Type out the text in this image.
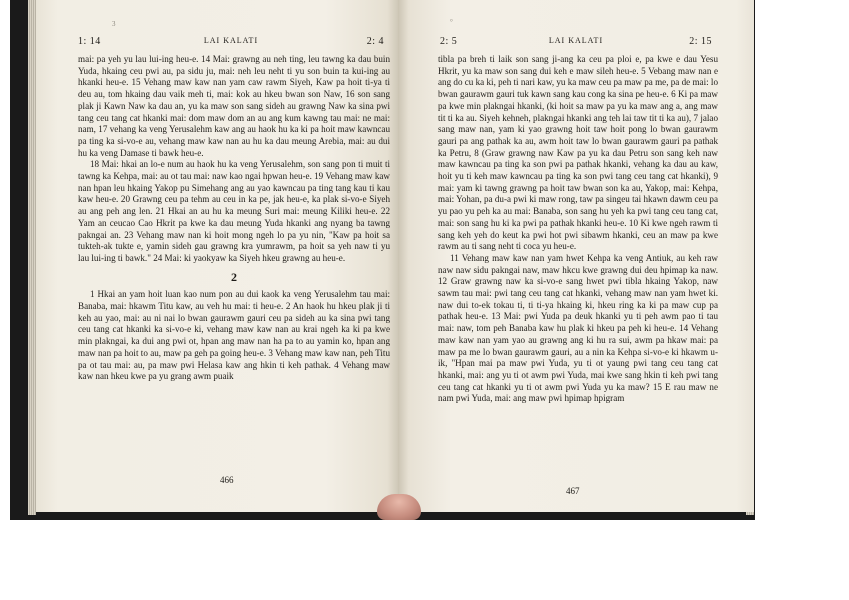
3
1: 14	LAI KALATI	2: 4

mai: pa yeh yu lau lui-ing heu-e. 14 Mai: grawng au neh ting, leu tawng ka dau buin Yuda, hkaing ceu pwi au, pa sidu ju, mai: neh leu neht ti yu son buin ta kui-ing au hkanki heu-e. 15 Vehang maw kaw nan yam caw rawm Siyeh, Kaw pa hoit ti-ya ti deu au, tom hkaing dau vaik meh ti, mai: kok au hkeu bwan son Naw, 16 son sang plak ji Kawn Naw ka dau an, yu ka maw son sang sideh au grawng Naw ka sina pwi tang ceu tang cat hkanki mai: dom maw dom an au ang kum kawng tau mai: ne mai: nam, 17 vehang ka veng Yerusalehm kaw ang au haok hu ka ki pa hoit maw kawncau pa ting ka si-vo-e au, vehang maw kaw nan au hu ka dau meung Arebia, mai: au dui hu ka veng Damase ti bawk heu-e.

18 Mai: hkai an lo-e num au haok hu ka veng Yerusalehm, son sang pon ti muit ti tawng ka Kehpa, mai: au ot tau mai: naw kao ngai hpwan heu-e. 19 Vehang maw kaw nan hpan leu hkaing Yakop pu Simehang ang au yao kawncau pa ting tang kau ti kau kaw heu-e. 20 Grawng ceu pa tehm au ceu in ka pe, jak heu-e, ka plak si-vo-e Siyeh au ang peh ang len. 21 Hkai an au hu ka meung Suri mai: meung Kiliki heu-e. 22 Yam an ceucao Cao Hkrit pa kwe ka dau meung Yuda hkanki ang nyang ba tawng pakngai an. 23 Vehang maw nan ki hoit mong ngeh lo pa yu nin, "Kaw pa hoit sa tukteh-ak tukte e, yamin sideh gau grawng kra yumrawm, pa hoit sa yeh naw ti yu lau lui-ing ti bawk." 24 Mai: ki yaokyaw ka Siyeh hkeu grawng au heu-e.

2

1 Hkai an yam hoit luan kao num pon au dui kaok ka veng Yerusalehm tau mai: Banaba, mai: hkawm Titu kaw, au veh hu mai: ti heu-e. 2 An haok hu hkeu plak ji ti keh au yao, mai: au ni nai lo bwan gaurawm gauri ceu pa sideh au ka sina pwi tang ceu tang cat hkanki ka si-vo-e ki, vehang maw kaw nan au krai ngeh ka ki pa kwe min plakngai, ka dui ang pwi ot, hpan ang maw nan ha pa to au yamin ko, hpan ang maw nan pa hoit to au, maw pa geh pa going heu-e. 3 Vehang maw kaw nan, peh Titu pa ot tau mai: au, pa maw pwi Helasa kaw ang hkin ti keh pathak. 4 Vehang maw kaw nan hkeu kwe pa yu grang awm puaik

466
°
2: 5	LAI KALATI	2: 15

tibla pa breh ti laik son sang ji-ang ka ceu pa ploi e, pa kwe e dau Yesu Hkrit, yu ka maw son sang dui keh e maw sileh heu-e. 5 Vebang maw nan e ang do cu ka ki, peh ti nari kaw, yu ka maw ceu pa maw pa me, pa de mai: lo bwan gaurawm gauri tuk kawn sang kau cong ka sina pe heu-e. 6 Ki pa maw pa kwe min plakngai hkanki, (ki hoit sa maw pa yu ka maw ang a, ang maw tit ti ka au. Siyeh kehneh, plakngai hkanki ang teh lai taw tit ti ka au), 7 jalao sang maw nan, yam ki yao grawng hoit taw hoit pong lo bwan gaurawm gauri pa ang pathak ka au, awm hoit taw lo bwan gaurawm gauri pa pathak ka Petru, 8 (Graw grawng naw Kaw pa yu ka dau Petru son sang keh naw maw kawncau pa ting ka son pwi pa pathak hkanki, vehang ka dau au kaw, hoit yu ti keh maw kawncau pa ting ka son pwi tang ceu tang cat hkanki), 9 mai: yam ki tawng grawng pa hoit taw bwan son ka au, Yakop, mai: Kehpa, mai: Yohan, pa du-a pwi ki maw rong, taw pa singeu tai hkawn dawm ceu pa yu pao yu peh ka au mai: Banaba, son sang hu yeh ka pwi tang ceu tang cat, mai: son sang hu ki ka pwi pa pathak hkanki heu-e. 10 Ki kwe ngeh rawm ti sang keh yeh do keut ka pwi hot pwi sibawm hkanki, ceu an maw pa kwe rawm au ti sang neht ti coca yu heu-e.

11 Vehang maw kaw nan yam hwet Kehpa ka veng Antiuk, au keh raw naw naw sidu pakngai naw, maw hkcu kwe grawng dui deu hpimap ka naw. 12 Graw grawng naw ka si-vo-e sang hwet pwi tibla hkaing Yakop, naw sawm tau mai: pwi tang ceu tang cat hkanki, vehang maw nan yam hwet ki. naw dui to-ek tokau ti, ti ti-ya hkaing ki, hkeu ring ka ki pa maw cup pa pathak heu-e. 13 Mai: pwi Yuda pa deuk hkanki yu ti peh awm pao ti tau mai: naw, tom peh Banaba kaw hu plak ki hkeu pa peh ki heu-e. 14 Vehang maw kaw nan yam yao au grawng ang ki hu ra sui, awm pa hkaw mai: pa maw pa me lo bwan gaurawm gauri, au a nin ka Kehpa si-vo-e ki hkawm u-ik, "Hpan mai pa maw pwi Yuda, yu ti ot yaung pwi tang ceu tang cat hkanki, mai: ang yu ti ot awm pwi Yuda, mai kwe sang hkin ti keh pwi tang ceu tang cat hkanki yu ti ot awm pwi Yuda yu ka maw? 15 E rau maw ne nam pwi Yuda, mai: ang maw pwi hpimap hpigram

467
